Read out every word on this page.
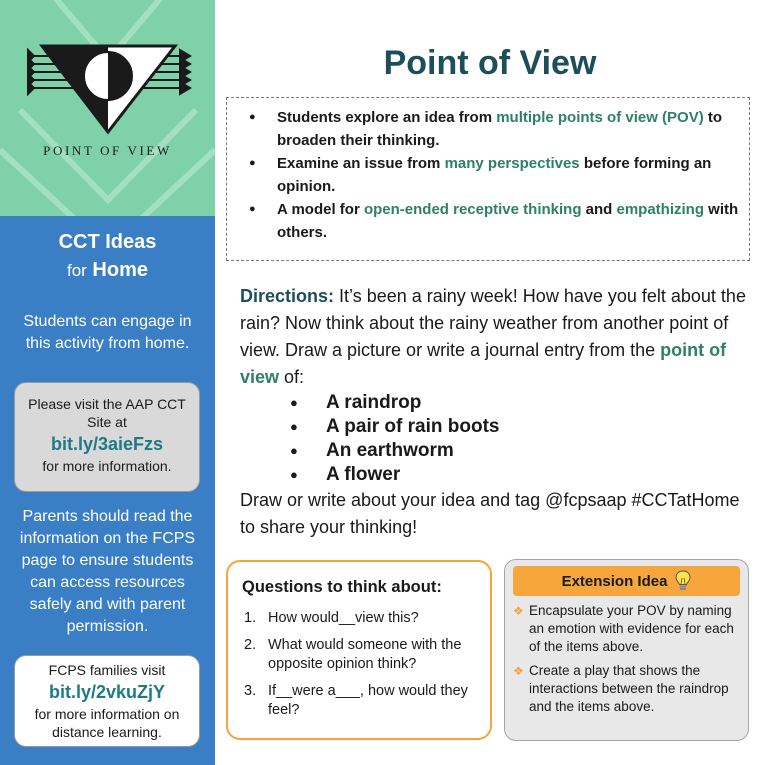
POINT OF VIEW
CCT Ideas
for Home
Students can engage in this activity from home.
Please visit the AAP CCT Site at
bit.ly/3aieFzs
for more information.
Parents should read the information on the FCPS page to ensure students can access resources safely and with parent permission.
FCPS families visit
bit.ly/2vkuZjY
for more information on distance learning.
Point of View
● Students explore an idea from multiple points of view (POV) to broaden their thinking.
● Examine an issue from many perspectives before forming an opinion.
● A model for open-ended receptive thinking and empathizing with others.
Directions: It’s been a rainy week! How have you felt about the rain? Now think about the rainy weather from another point of view. Draw a picture or write a journal entry from the point of view of:
● A raindrop
● A pair of rain boots
● An earthworm
● A flower
Draw or write about your idea and tag @fcpsaap #CCTatHome to share your thinking!
Questions to think about:
1. How would__view this?
2. What would someone with the opposite opinion think?
3. If__were a___, how would they feel?
Extension Idea
❖ Encapsulate your POV by naming an emotion with evidence for each of the items above.
❖ Create a play that shows the interactions between the raindrop and the items above.
